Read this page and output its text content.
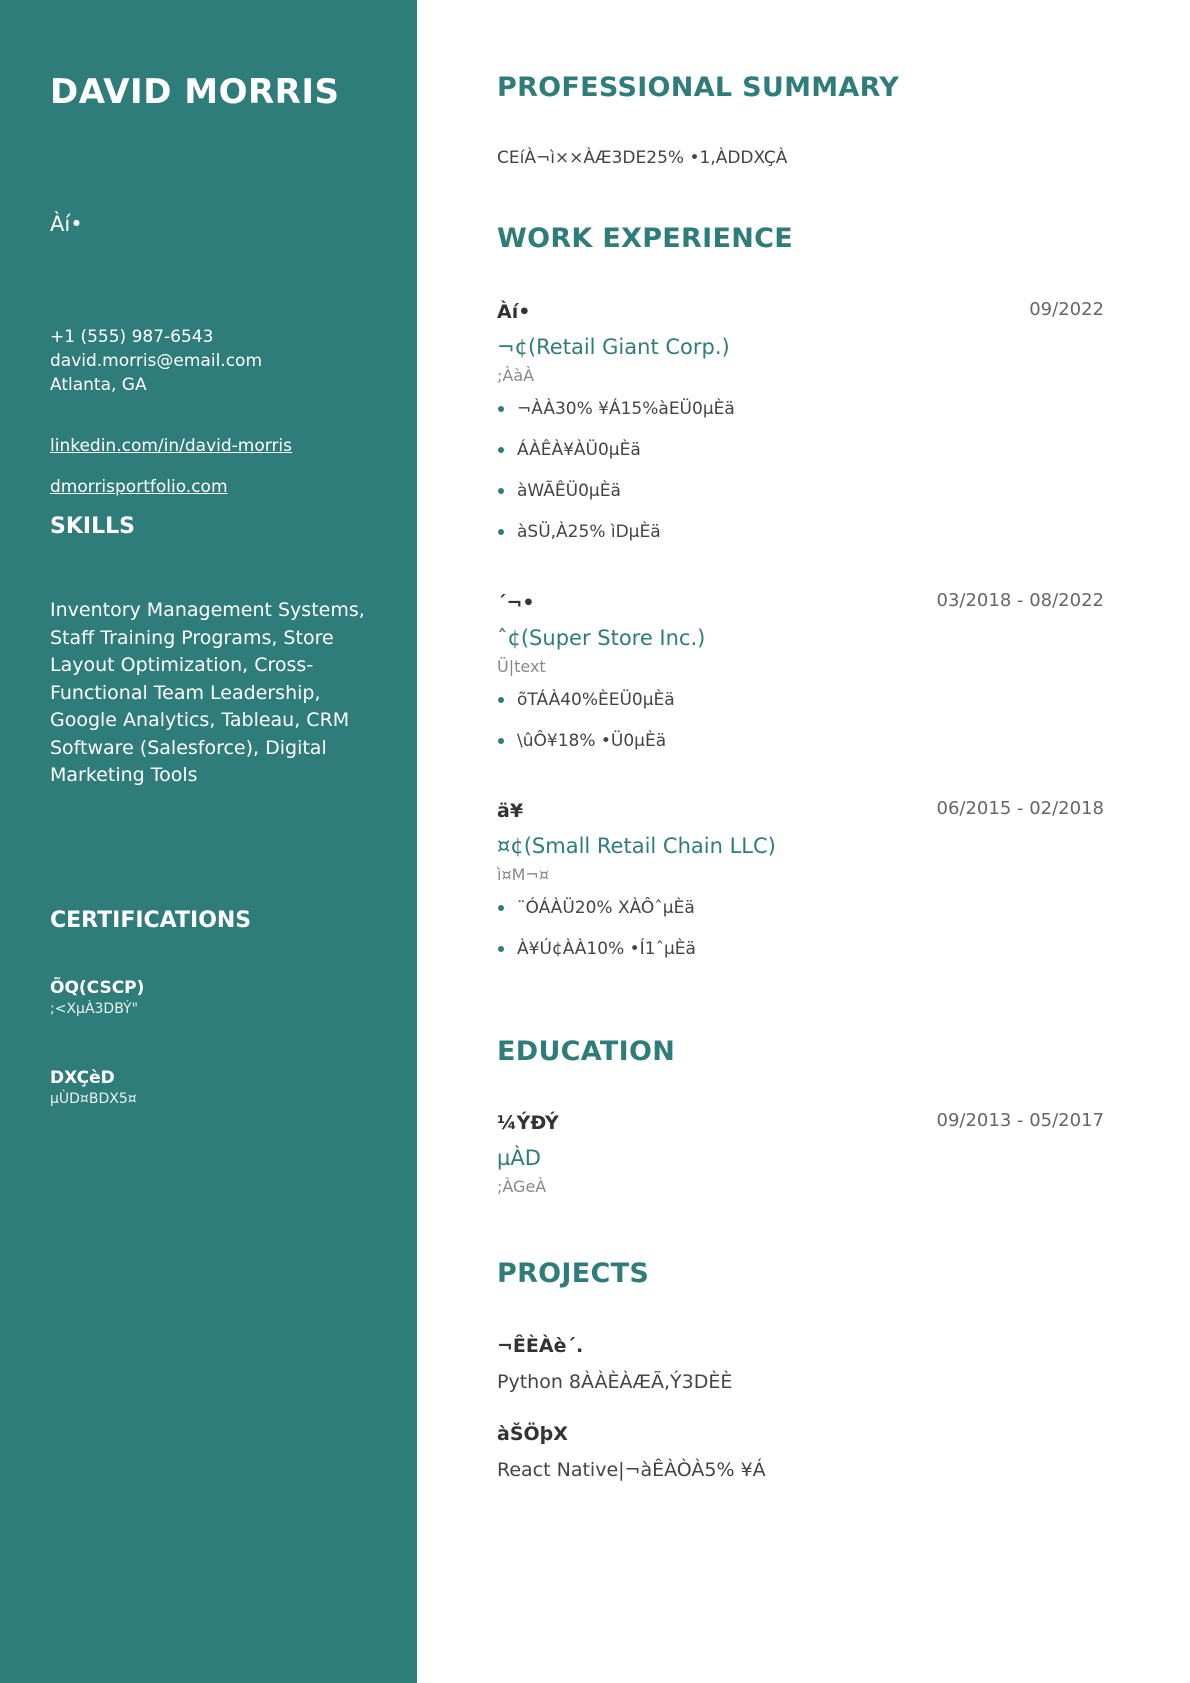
DAVID MORRIS
Àí•
+1 (555) 987-6543
david.morris@email.com
Atlanta, GA
linkedin.com/in/david-morris
dmorrisportfolio.com
SKILLS
Inventory Management Systems, Staff Training Programs, Store Layout Optimization, Cross-Functional Team Leadership, Google Analytics, Tableau, CRM Software (Salesforce), Digital Marketing Tools
CERTIFICATIONS
ÕQ(CSCP)
;<XµÀ3DBÝ"
DXÇèD
µÙD¤BDX5¤
PROFESSIONAL SUMMARY
CEíÀ¬ì××ÀÆ3DE25% •1,ÀDDXÇÀ
WORK EXPERIENCE
Àí•	09/2022
¬¢(Retail Giant Corp.)
;ÀàÀ
¬ÀÀ30% ¥Á15%àEÜ0µÈä
ÁÀÊÀ¥ÀÜ0µÈä
àWÃÊÜ0µÈä
àSÜ,À25% ìDµÈä
´¬•	03/2018 - 08/2022
ˆ¢(Super Store Inc.)
Ü|text
õTÁÀ40%ÈEÜ0µÈä
\ûÔ¥18% •Ü0µÈä
ä¥	06/2015 - 02/2018
¤¢(Small Retail Chain LLC)
ì¤M¬¤
¨ÓÁÀÜ20% XÀÔˆµÈä
À¥Ú¢ÀÀ10% •Í1ˆµÈä
EDUCATION
¼ÝÐÝ	09/2013 - 05/2017
µÀD
;ÀGeÀ
PROJECTS
¬ÊÈÀè´.
Python 8ÀÀÈÀÆÃ,Ý3DÈÈ
àŠÖþX
React Native|¬àÊÀÒÀ5% ¥Á
